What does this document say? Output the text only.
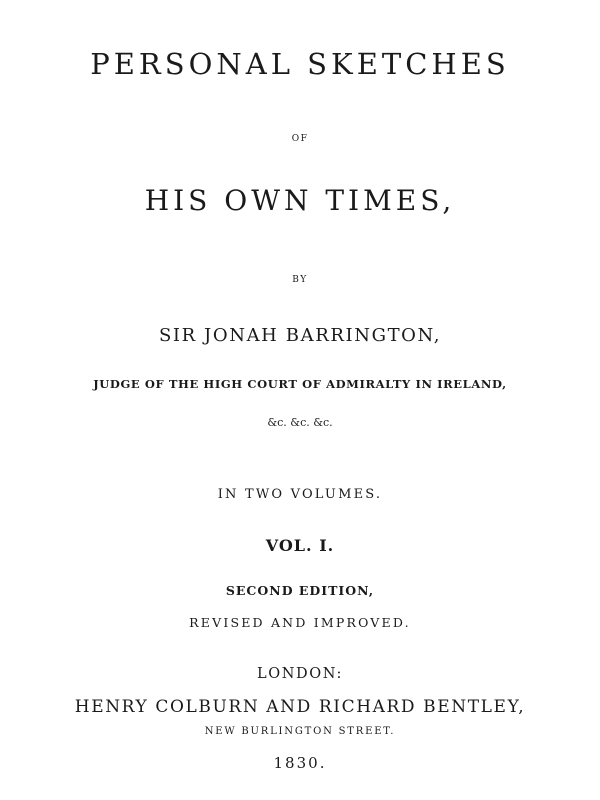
PERSONAL SKETCHES
OF
HIS OWN TIMES,
BY
SIR JONAH BARRINGTON,
JUDGE OF THE HIGH COURT OF ADMIRALTY IN IRELAND,
&c. &c. &c.
IN TWO VOLUMES.
VOL. I.
SECOND EDITION,
REVISED AND IMPROVED.
LONDON:
HENRY COLBURN AND RICHARD BENTLEY,
NEW BURLINGTON STREET.
1830.
